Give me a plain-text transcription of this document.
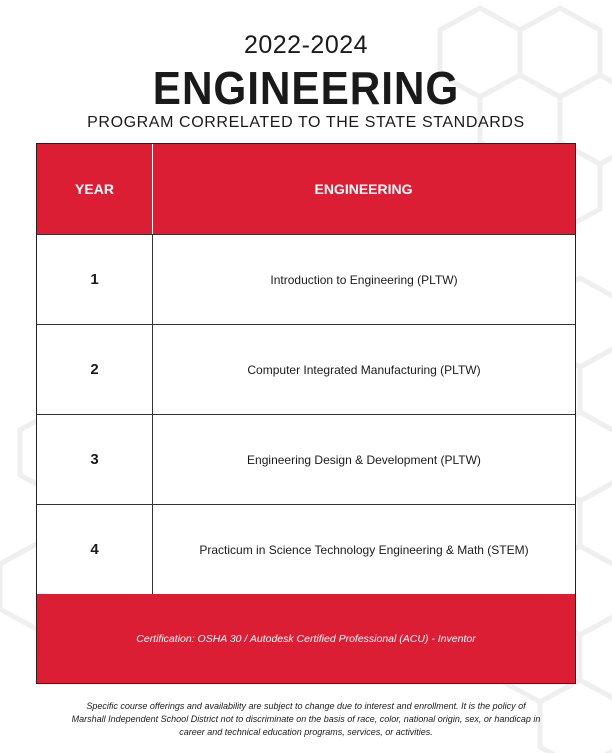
2022-2024
ENGINEERING
PROGRAM CORRELATED TO THE STATE STANDARDS
YEAR	ENGINEERING
1	Introduction to Engineering (PLTW)
2	Computer Integrated Manufacturing (PLTW)
3	Engineering Design & Development (PLTW)
4	Practicum in Science Technology Engineering & Math (STEM)
Certification: OSHA 30 / Autodesk Certified Professional (ACU) - Inventor
Specific course offerings and availability are subject to change due to interest and enrollment. It is the policy of
Marshall Independent School District not to discriminate on the basis of race, color, national origin, sex, or handicap in
career and technical education programs, services, or activities.
